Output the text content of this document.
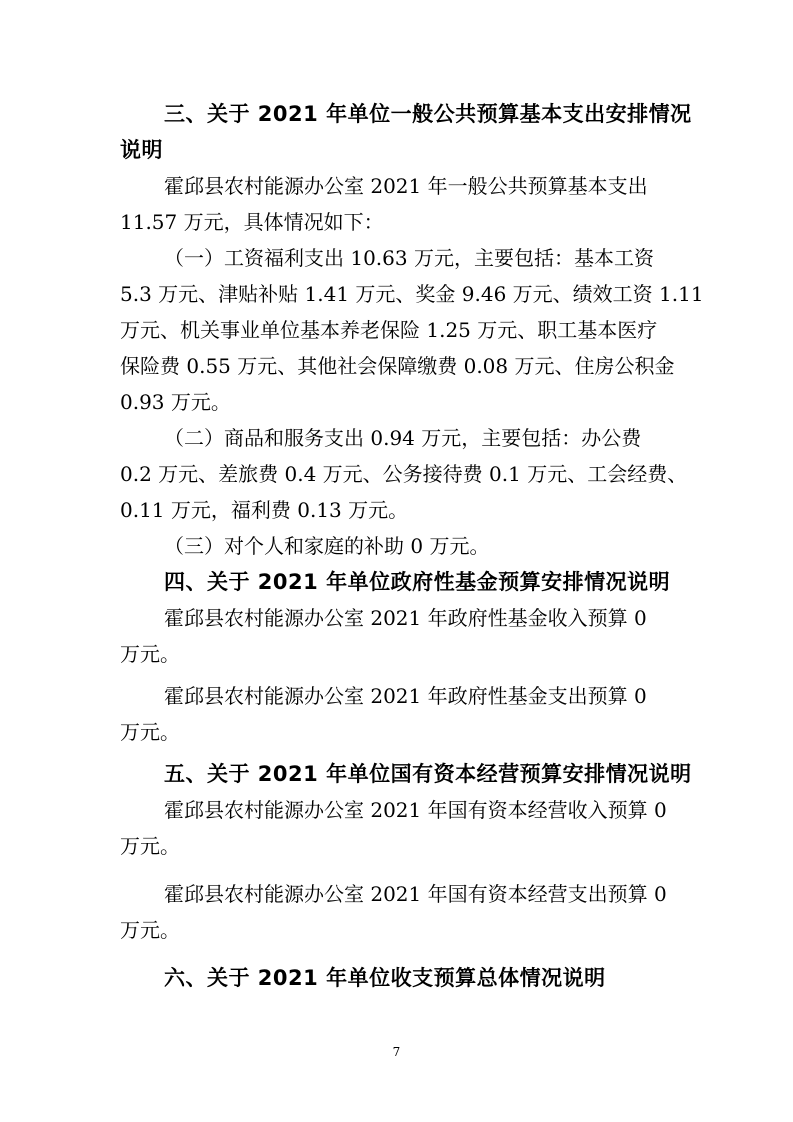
三、关于 2021 年单位一般公共预算基本支出安排情况
说明
霍邱县农村能源办公室 2021 年一般公共预算基本支出
11.57 万元，具体情况如下：
（一）工资福利支出 10.63 万元，主要包括：基本工资
5.3 万元、津贴补贴 1.41 万元、奖金 9.46 万元、绩效工资 1.11
万元、机关事业单位基本养老保险 1.25 万元、职工基本医疗
保险费 0.55 万元、其他社会保障缴费 0.08 万元、住房公积金
0.93 万元。
（二）商品和服务支出 0.94 万元，主要包括：办公费
0.2 万元、差旅费 0.4 万元、公务接待费 0.1 万元、工会经费、
0.11 万元，福利费 0.13 万元。
（三）对个人和家庭的补助 0 万元。
四、关于 2021 年单位政府性基金预算安排情况说明
霍邱县农村能源办公室 2021 年政府性基金收入预算 0
万元。
霍邱县农村能源办公室 2021 年政府性基金支出预算 0
万元。
五、关于 2021 年单位国有资本经营预算安排情况说明
霍邱县农村能源办公室 2021 年国有资本经营收入预算 0
万元。
霍邱县农村能源办公室 2021 年国有资本经营支出预算 0
万元。
六、关于 2021 年单位收支预算总体情况说明
7
